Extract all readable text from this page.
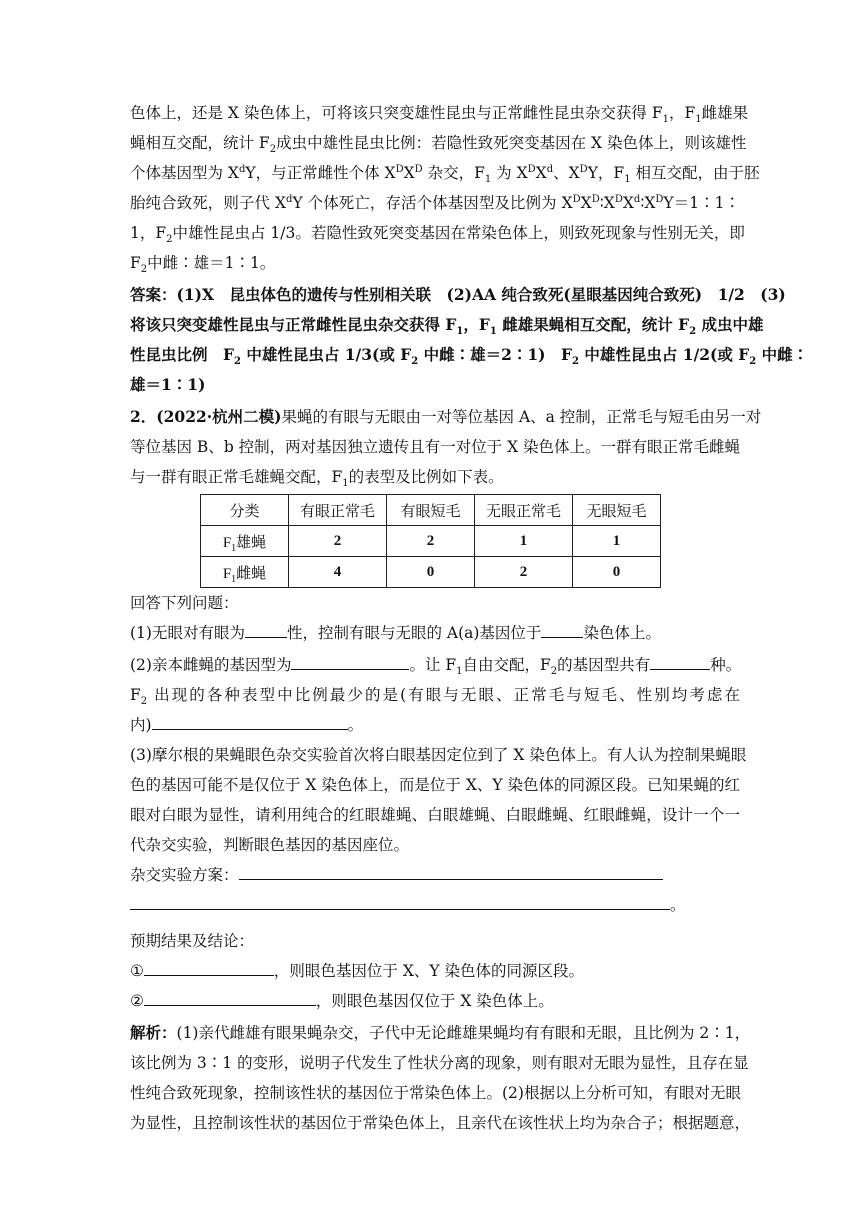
色体上，还是 X 染色体上，可将该只突变雄性昆虫与正常雌性昆虫杂交获得 $F_1$，$F_1$雌雄果
蝇相互交配，统计 $F_2$成虫中雄性昆虫比例：若隐性致死突变基因在 X 染色体上，则该雄性
个体基因型为 $X^dY$，与正常雌性个体 $X^DX^D$ 杂交，$F_1$ 为 $X^DX^d$、$X^DY$，$F_1$ 相互交配，由于胚
胎纯合致死，则子代 $X^dY$ 个体死亡，存活个体基因型及比例为 $X^DX^D∶X^DX^d∶X^DY=1∶1∶$
1，$F_2$中雄性昆虫占 1/3。若隐性致死突变基因在常染色体上，则致死现象与性别无关，即
$F_2$中雌∶雄＝1∶1。
答案：(1)X　昆虫体色的遗传与性别相关联　(2)AA 纯合致死(星眼基因纯合致死)　1/2　(3)
将该只突变雄性昆虫与正常雌性昆虫杂交获得 $F_1$，$F_1$ 雌雄果蝇相互交配，统计 $F_2$ 成虫中雄
性昆虫比例　$F_2$ 中雄性昆虫占 1/3(或 $F_2$ 中雌∶雄＝2∶1)　$F_2$ 中雄性昆虫占 1/2(或 $F_2$ 中雌∶
雄＝1∶1)
2．(2022·杭州二模)果蝇的有眼与无眼由一对等位基因 A、a 控制，正常毛与短毛由另一对
等位基因 B、b 控制，两对基因独立遗传且有一对位于 X 染色体上。一群有眼正常毛雌蝇
与一群有眼正常毛雄蝇交配，$F_1$的表型及比例如下表。
分类	有眼正常毛	有眼短毛	无眼正常毛	无眼短毛
$F_1$雄蝇	2	2	1	1
$F_1$雌蝇	4	0	2	0
回答下列问题：
(1)无眼对有眼为	性，控制有眼与无眼的 A(a)基因位于	染色体上。
(2)亲本雌蝇的基因型为	。让 $F_1$自由交配，$F_2$的基因型共有	种。
$F_2$ 出现的各种表型中比例最少的是(有眼与无眼、正常毛与短毛、性别均考虑在
内)	。
(3)摩尔根的果蝇眼色杂交实验首次将白眼基因定位到了 X 染色体上。有人认为控制果蝇眼
色的基因可能不是仅位于 X 染色体上，而是位于 X、Y 染色体的同源区段。已知果蝇的红
眼对白眼为显性，请利用纯合的红眼雄蝇、白眼雄蝇、白眼雌蝇、红眼雌蝇，设计一个一
代杂交实验，判断眼色基因的基因座位。
杂交实验方案：
。
预期结果及结论：
①	，则眼色基因位于 X、Y 染色体的同源区段。
②	，则眼色基因仅位于 X 染色体上。
解析：(1)亲代雌雄有眼果蝇杂交，子代中无论雌雄果蝇均有有眼和无眼，且比例为 2∶1，
该比例为 3∶1 的变形，说明子代发生了性状分离的现象，则有眼对无眼为显性，且存在显
性纯合致死现象，控制该性状的基因位于常染色体上。(2)根据以上分析可知，有眼对无眼
为显性，且控制该性状的基因位于常染色体上，且亲代在该性状上均为杂合子；根据题意，
